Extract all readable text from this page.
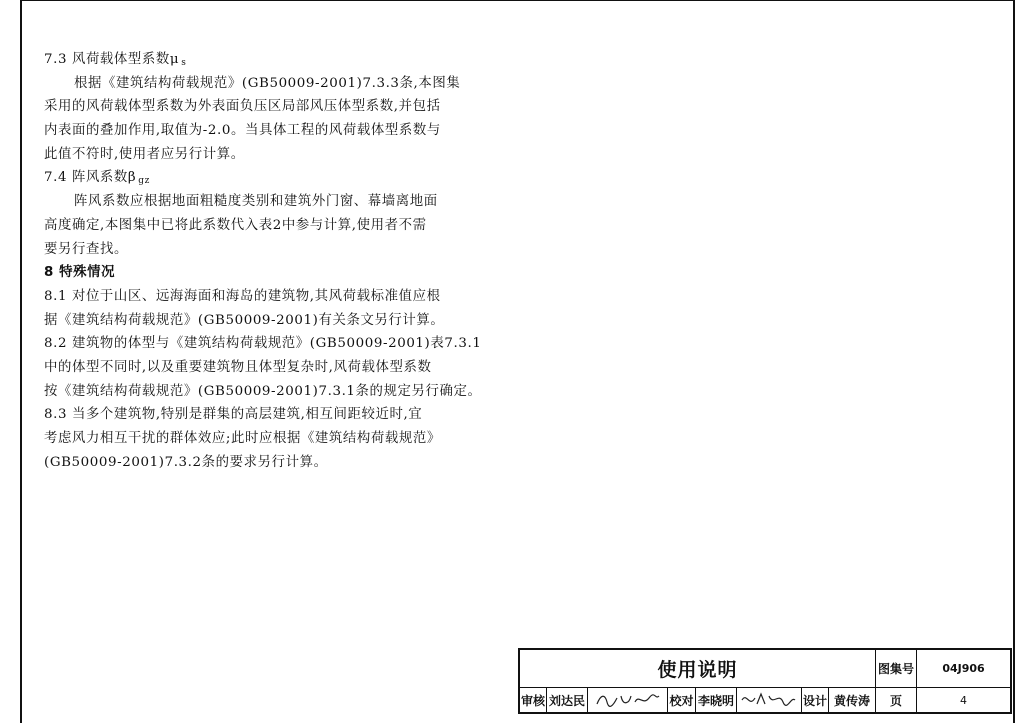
7.3 风荷载体型系数μ $_s$
根据《建筑结构荷载规范》(GB50009-2001)7.3.3条,本图集
采用的风荷载体型系数为外表面负压区局部风压体型系数,并包括
内表面的叠加作用,取值为-2.0。当具体工程的风荷载体型系数与
此值不符时,使用者应另行计算。
7.4 阵风系数β $_{gz}$
阵风系数应根据地面粗糙度类别和建筑外门窗、幕墙离地面
高度确定,本图集中已将此系数代入表2中参与计算,使用者不需
要另行查找。
8 特殊情况
8.1 对位于山区、远海海面和海岛的建筑物,其风荷载标准值应根
据《建筑结构荷载规范》(GB50009-2001)有关条文另行计算。
8.2 建筑物的体型与《建筑结构荷载规范》(GB50009-2001)表7.3.1
中的体型不同时,以及重要建筑物且体型复杂时,风荷载体型系数
按《建筑结构荷载规范》(GB50009-2001)7.3.1条的规定另行确定。
8.3 当多个建筑物,特别是群集的高层建筑,相互间距较近时,宜
考虑风力相互干扰的群体效应;此时应根据《建筑结构荷载规范》
(GB50009-2001)7.3.2条的要求另行计算。
使用说明	图集号	04J906
审核 刘达民	校对 李晓明	设计 黄传涛	页	4
